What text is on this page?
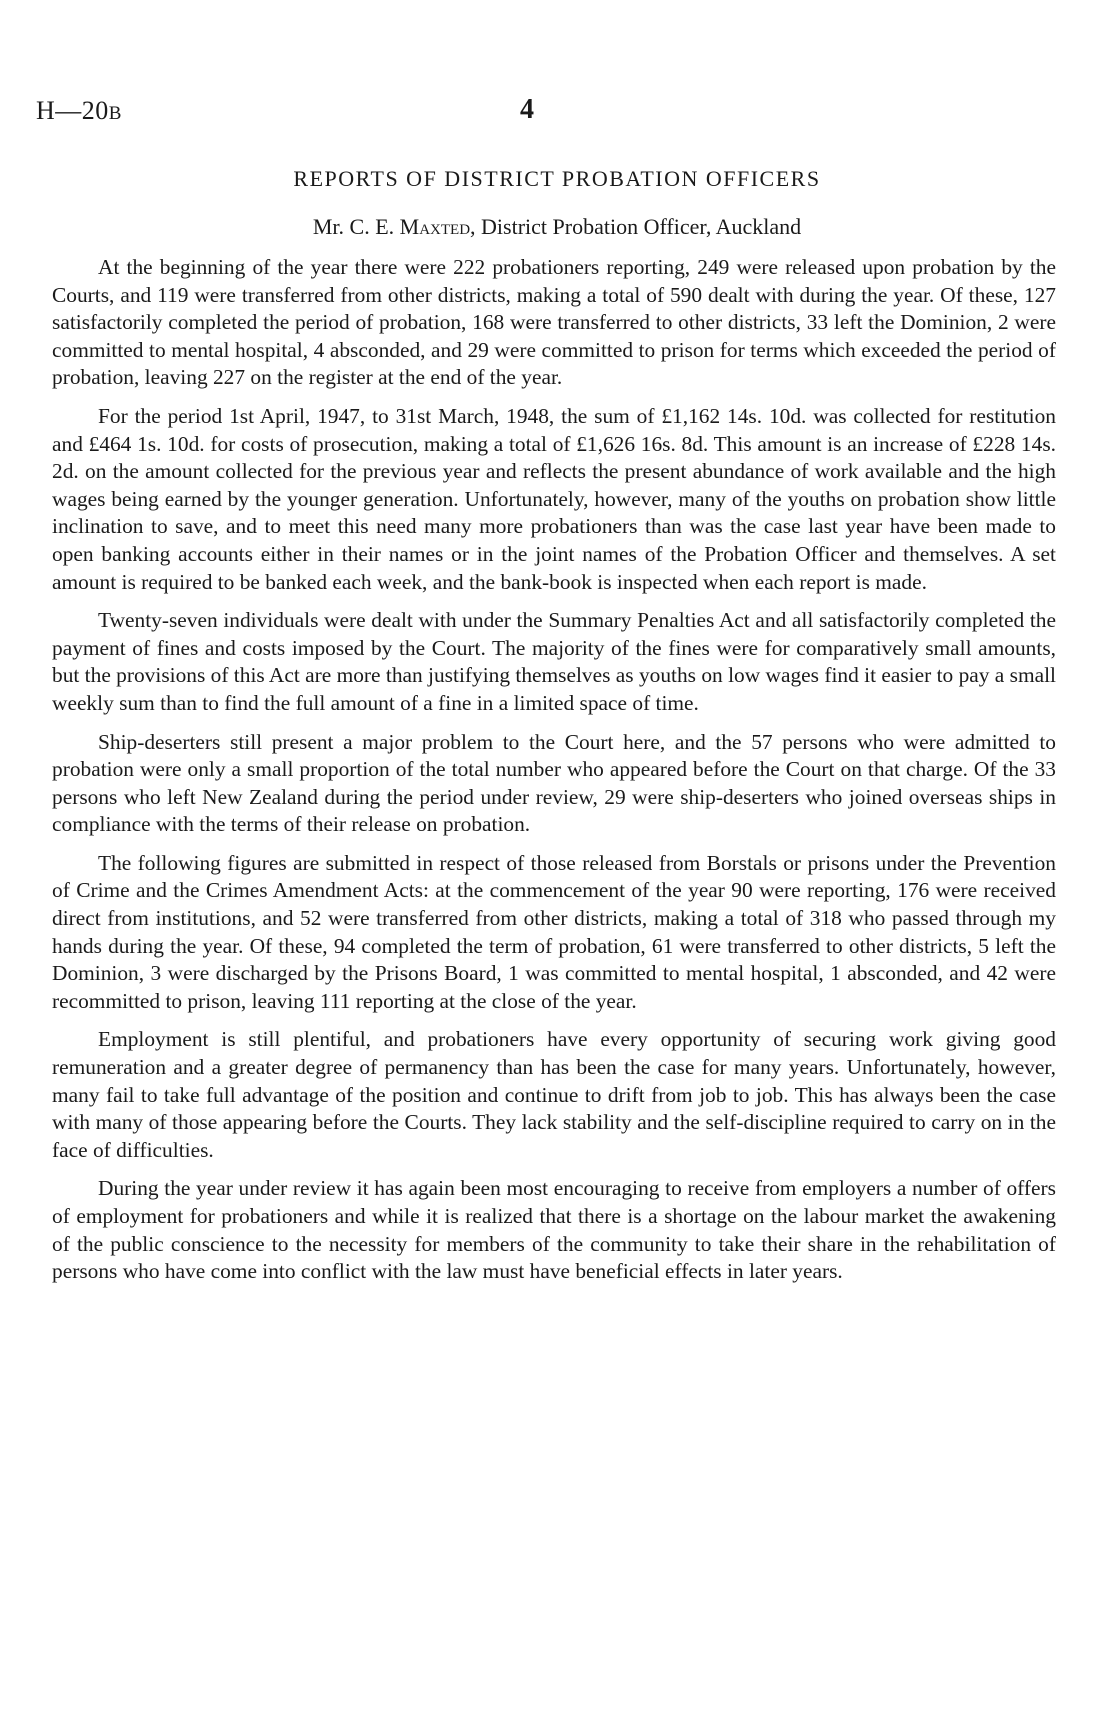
H—20B	4
REPORTS OF DISTRICT PROBATION OFFICERS
Mr. C. E. Maxted, District Probation Officer, Auckland

At the beginning of the year there were 222 probationers reporting, 249 were released upon probation by the Courts, and 119 were transferred from other districts, making a total of 590 dealt with during the year. Of these, 127 satisfactorily completed the period of probation, 168 were transferred to other districts, 33 left the Dominion, 2 were committed to mental hospital, 4 absconded, and 29 were committed to prison for terms which exceeded the period of probation, leaving 227 on the register at the end of the year.

For the period 1st April, 1947, to 31st March, 1948, the sum of £1,162 14s. 10d. was collected for restitution and £464 1s. 10d. for costs of prosecution, making a total of £1,626 16s. 8d. This amount is an increase of £228 14s. 2d. on the amount collected for the previous year and reflects the present abundance of work available and the high wages being earned by the younger generation. Unfortunately, however, many of the youths on probation show little inclination to save, and to meet this need many more probationers than was the case last year have been made to open banking accounts either in their names or in the joint names of the Probation Officer and themselves. A set amount is required to be banked each week, and the bank-book is inspected when each report is made.

Twenty-seven individuals were dealt with under the Summary Penalties Act and all satisfactorily completed the payment of fines and costs imposed by the Court. The majority of the fines were for comparatively small amounts, but the provisions of this Act are more than justifying themselves as youths on low wages find it easier to pay a small weekly sum than to find the full amount of a fine in a limited space of time.

Ship-deserters still present a major problem to the Court here, and the 57 persons who were admitted to probation were only a small proportion of the total number who appeared before the Court on that charge. Of the 33 persons who left New Zealand during the period under review, 29 were ship-deserters who joined overseas ships in compliance with the terms of their release on probation.

The following figures are submitted in respect of those released from Borstals or prisons under the Prevention of Crime and the Crimes Amendment Acts: at the commencement of the year 90 were reporting, 176 were received direct from institutions, and 52 were transferred from other districts, making a total of 318 who passed through my hands during the year. Of these, 94 completed the term of probation, 61 were transferred to other districts, 5 left the Dominion, 3 were discharged by the Prisons Board, 1 was committed to mental hospital, 1 absconded, and 42 were recommitted to prison, leaving 111 reporting at the close of the year.

Employment is still plentiful, and probationers have every opportunity of securing work giving good remuneration and a greater degree of permanency than has been the case for many years. Unfortunately, however, many fail to take full advantage of the position and continue to drift from job to job. This has always been the case with many of those appearing before the Courts. They lack stability and the self-discipline required to carry on in the face of difficulties.

During the year under review it has again been most encouraging to receive from employers a number of offers of employment for probationers and while it is realized that there is a shortage on the labour market the awakening of the public conscience to the necessity for members of the community to take their share in the rehabilitation of persons who have come into conflict with the law must have beneficial effects in later years.
